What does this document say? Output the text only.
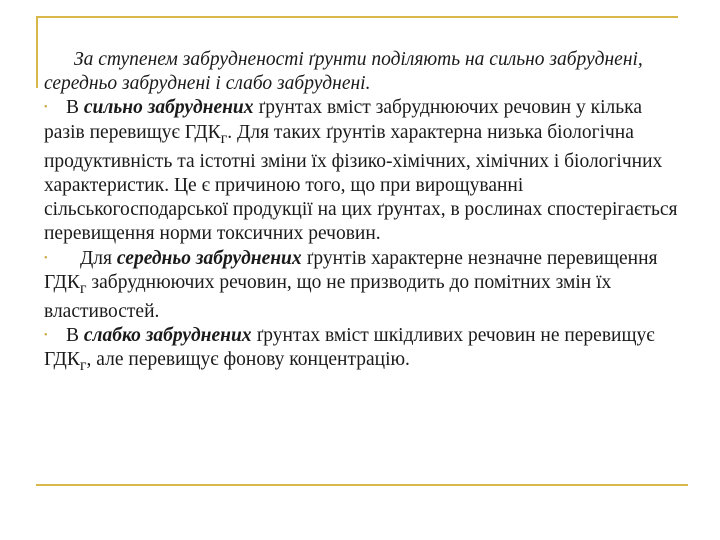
За ступенем забрудненості ґрунти поділяють на сильно забруднені, середньо забруднені і слабо забруднені.

• В сильно забруднених ґрунтах вміст забруднюючих речовин у кілька разів перевищує $ГДК_г$. Для таких ґрунтів характерна низька біологічна продуктивність та істотні зміни їх фізико-хімічних, хімічних і біологічних характеристик. Це є причиною того, що при вирощуванні сільськогосподарської продукції на цих ґрунтах, в рослинах спостерігається перевищення норми токсичних речовин.

• Для середньо забруднених ґрунтів характерне незначне перевищення $ГДК_г$ забруднюючих речовин, що не призводить до помітних змін їх властивостей.

• В слабко забруднених ґрунтах вміст шкідливих речовин не перевищує $ГДК_г$, але перевищує фонову концентрацію.
